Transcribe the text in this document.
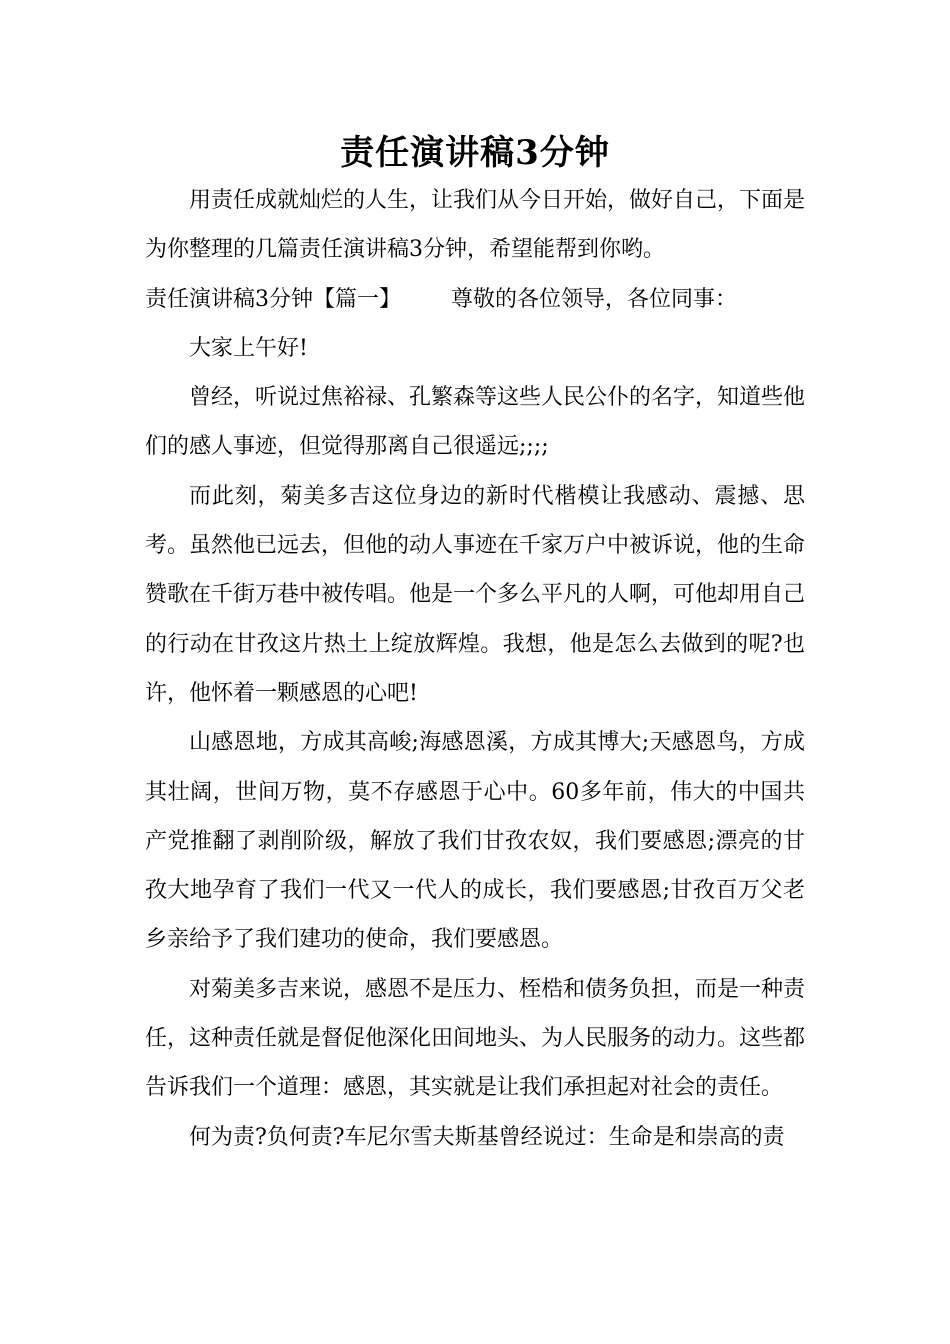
责任演讲稿3分钟

用责任成就灿烂的人生，让我们从今日开始，做好自己，下面是为你整理的几篇责任演讲稿3分钟，希望能帮到你哟。

责任演讲稿3分钟【篇一】 尊敬的各位领导，各位同事：

大家上午好!

曾经，听说过焦裕禄、孔繁森等这些人民公仆的名字，知道些他们的感人事迹，但觉得那离自己很遥远;;;;

而此刻，菊美多吉这位身边的新时代楷模让我感动、震撼、思考。虽然他已远去，但他的动人事迹在千家万户中被诉说，他的生命赞歌在千街万巷中被传唱。他是一个多么平凡的人啊，可他却用自己的行动在甘孜这片热土上绽放辉煌。我想，他是怎么去做到的呢?也许，他怀着一颗感恩的心吧!

山感恩地，方成其高峻;海感恩溪，方成其博大;天感恩鸟，方成其壮阔，世间万物，莫不存感恩于心中。60多年前，伟大的中国共产党推翻了剥削阶级，解放了我们甘孜农奴，我们要感恩;漂亮的甘孜大地孕育了我们一代又一代人的成长，我们要感恩;甘孜百万父老乡亲给予了我们建功的使命，我们要感恩。

对菊美多吉来说，感恩不是压力、桎梏和债务负担，而是一种责任，这种责任就是督促他深化田间地头、为人民服务的动力。这些都告诉我们一个道理：感恩，其实就是让我们承担起对社会的责任。

何为责?负何责?车尼尔雪夫斯基曾经说过：生命是和崇高的责
